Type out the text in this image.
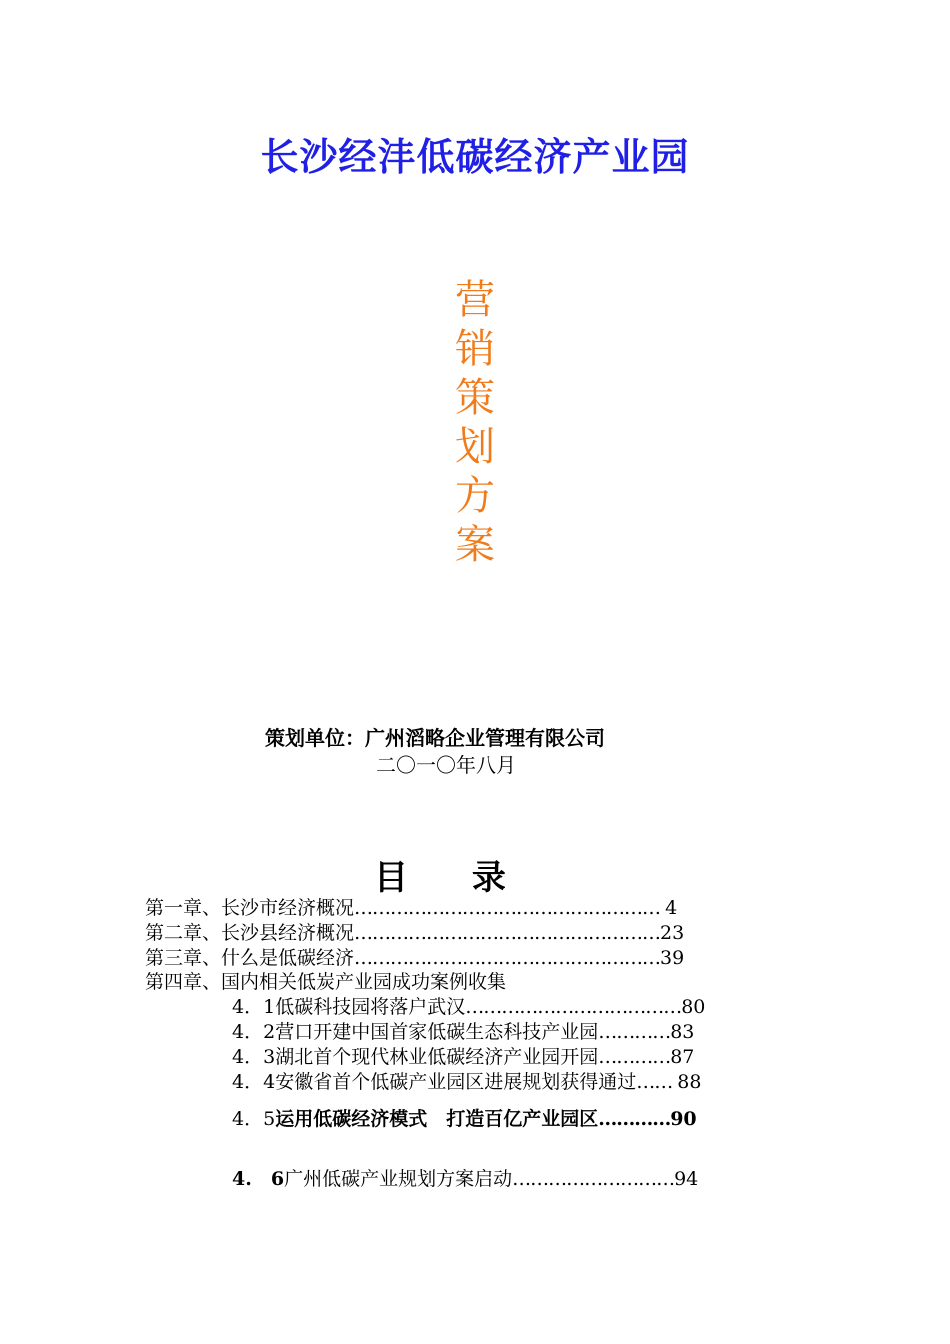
长沙经沣低碳经济产业园
营
销
策
划
方
案
策划单位：广州滔略企业管理有限公司
二〇一〇年八月
目 录
第一章、长沙市经济概况…………………………………………… 4
第二章、长沙县经济概况……………………………………………23
第三章、什么是低碳经济……………………………………………39
第四章、国内相关低炭产业园成功案例收集
4．1低碳科技园将落户武汉………………………………80
4．2营口开建中国首家低碳生态科技产业园…………83
4．3湖北首个现代林业低碳经济产业园开园…………87
4．4安徽省首个低碳产业园区进展规划获得通过…… 88
4．5运用低碳经济模式　打造百亿产业园区…………90
4.　6广州低碳产业规划方案启动………………………94
